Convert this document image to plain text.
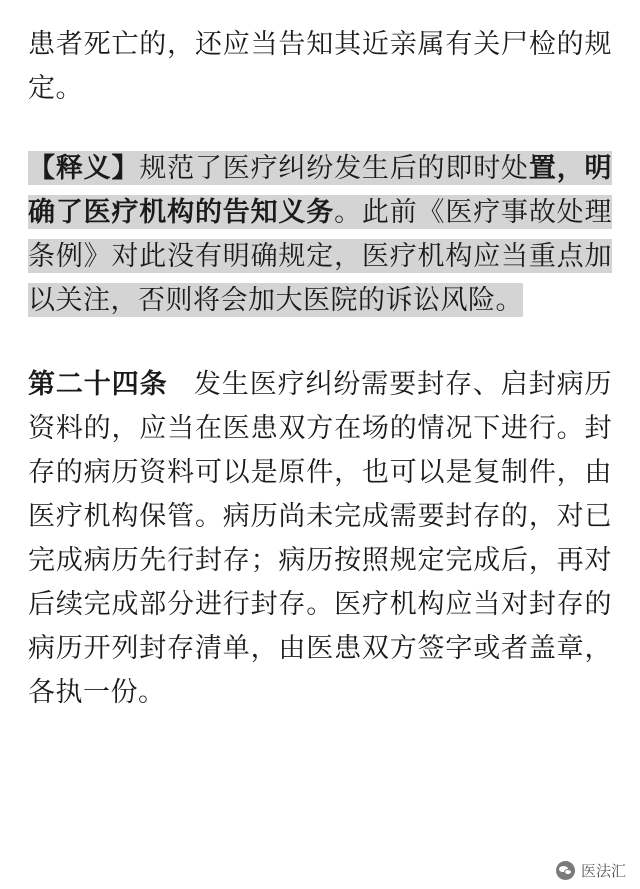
患者死亡的，还应当告知其近亲属有关尸检的规定。

【释义】规范了医疗纠纷发生后的即时处置，明确了医疗机构的告知义务。此前《医疗事故处理条例》对此没有明确规定，医疗机构应当重点加以关注，否则将会加大医院的诉讼风险。

第二十四条 发生医疗纠纷需要封存、启封病历资料的，应当在医患双方在场的情况下进行。封存的病历资料可以是原件，也可以是复制件，由医疗机构保管。病历尚未完成需要封存的，对已完成病历先行封存；病历按照规定完成后，再对后续完成部分进行封存。医疗机构应当对封存的病历开列封存清单，由医患双方签字或者盖章，各执一份。

医法汇
